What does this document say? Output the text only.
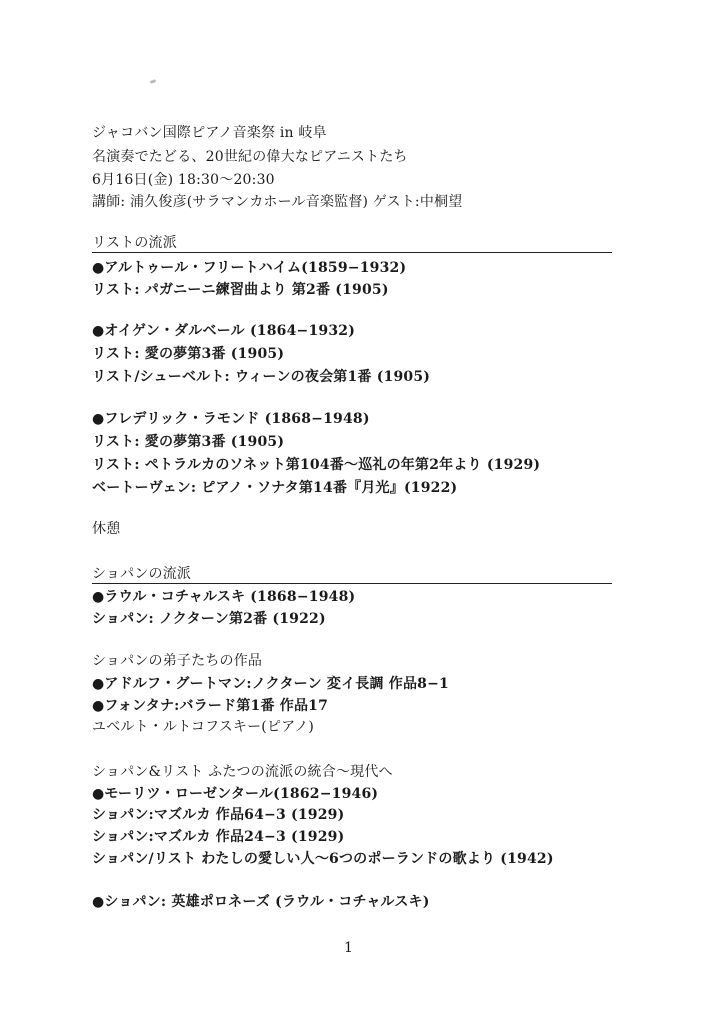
ジャコバン国際ピアノ音楽祭 in 岐阜
名演奏でたどる、20世紀の偉大なピアニストたち
6月16日(金) 18:30～20:30
講師: 浦久俊彦(サラマンカホール音楽監督) ゲスト:中桐望
リストの流派
●アルトゥール・フリートハイム(1859−1932)
リスト: パガニーニ練習曲より 第2番 (1905)
●オイゲン・ダルベール (1864−1932)
リスト: 愛の夢第3番 (1905)
リスト/シューベルト: ウィーンの夜会第1番 (1905)
●フレデリック・ラモンド (1868−1948)
リスト: 愛の夢第3番 (1905)
リスト: ペトラルカのソネット第104番～巡礼の年第2年より (1929)
ベートーヴェン: ピアノ・ソナタ第14番『月光』(1922)
休憩
ショパンの流派
●ラウル・コチャルスキ (1868−1948)
ショパン: ノクターン第2番 (1922)
ショパンの弟子たちの作品
●アドルフ・グートマン:ノクターン 変イ長調 作品8−1
●フォンタナ:バラード第1番 作品17
ユベルト・ルトコフスキー(ピアノ)
ショパン&リスト ふたつの流派の統合～現代へ
●モーリツ・ローゼンタール(1862−1946)
ショパン:マズルカ 作品64−3 (1929)
ショパン:マズルカ 作品24−3 (1929)
ショパン/リスト わたしの愛しい人～6つのポーランドの歌より (1942)
●ショパン: 英雄ポロネーズ (ラウル・コチャルスキ)
1
